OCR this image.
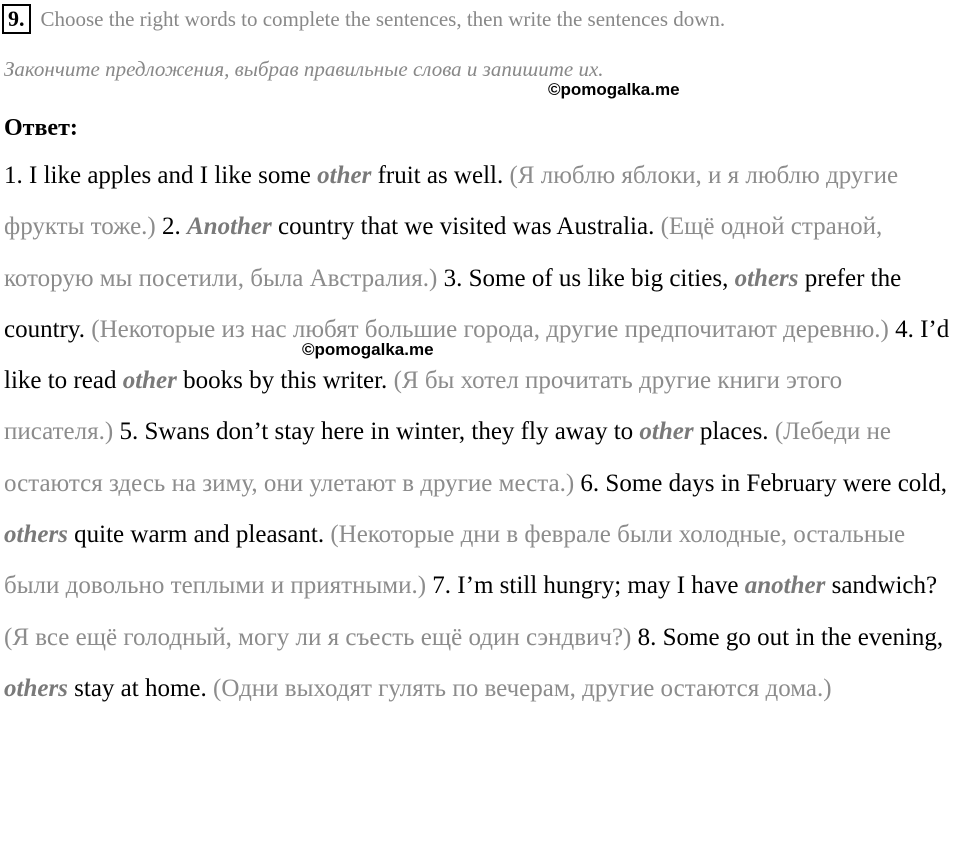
9. Choose the right words to complete the sentences, then write the sentences down.
Закончите предложения, выбрав правильные слова и запишите их.
©pomogalka.me
Ответ:

1. I like apples and I like some other fruit as well. (Я люблю яблоки, и я люблю другие фрукты тоже.) 2. Another country that we visited was Australia. (Ещё одной страной, которую мы посетили, была Австралия.) 3. Some of us like big cities, others prefer the country. (Некоторые из нас любят большие города, другие предпочитают деревню.) 4. I’d like to read other books by this writer. (Я бы хотел прочитать другие книги этого писателя.) 5. Swans don’t stay here in winter, they fly away to other places. (Лебеди не остаются здесь на зиму, они улетают в другие места.) 6. Some days in February were cold, others quite warm and pleasant. (Некоторые дни в феврале были холодные, остальные были довольно теплыми и приятными.) 7. I’m still hungry; may I have another sandwich? (Я все ещё голодный, могу ли я съесть ещё один сэндвич?) 8. Some go out in the evening, others stay at home. (Одни выходят гулять по вечерам, другие остаются дома.)

©pomogalka.me
